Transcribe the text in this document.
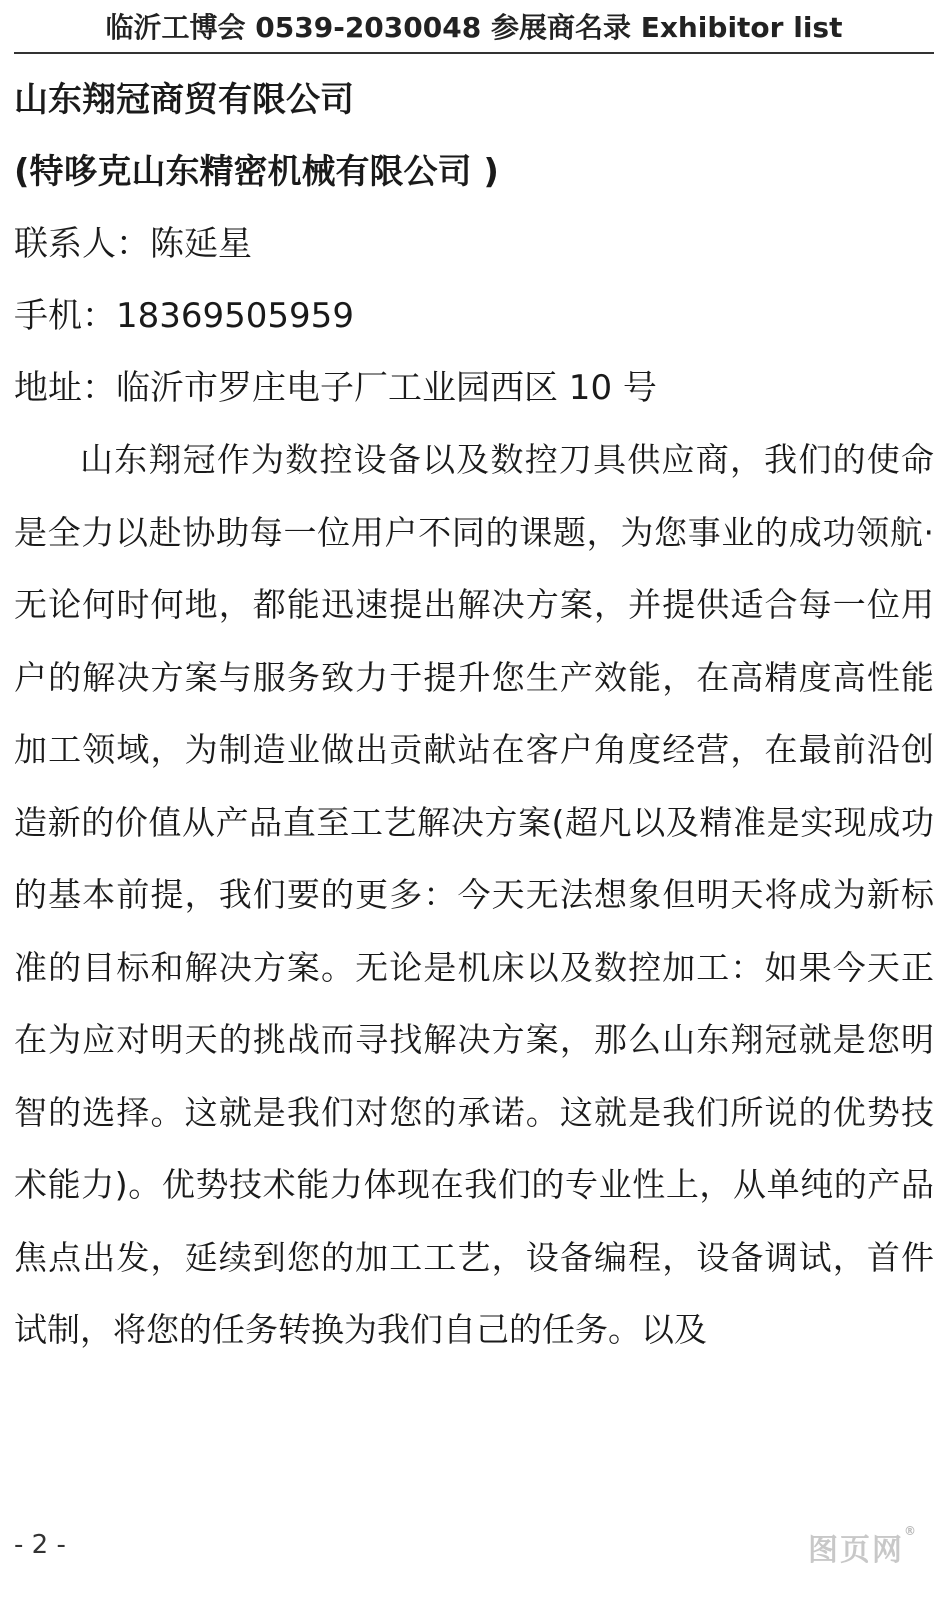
临沂工博会 0539-2030048 参展商名录 Exhibitor list
山东翔冠商贸有限公司
(特哆克山东精密机械有限公司 )
联系人：陈延星
手机：18369505959
地址：临沂市罗庄电子厂工业园西区 10 号

山东翔冠作为数控设备以及数控刀具供应商，我们的使命是全力以赴协助每一位用户不同的课题，为您事业的成功领航·无论何时何地，都能迅速提出解决方案，并提供适合每一位用户的解决方案与服务致力于提升您生产效能，在高精度高性能加工领域，为制造业做出贡献站在客户角度经营，在最前沿创造新的价值从产品直至工艺解决方案(超凡以及精准是实现成功的基本前提，我们要的更多：今天无法想象但明天将成为新标准的目标和解决方案。无论是机床以及数控加工：如果今天正在为应对明天的挑战而寻找解决方案，那么山东翔冠就是您明智的选择。这就是我们对您的承诺。这就是我们所说的优势技术能力)。优势技术能力体现在我们的专业性上，从单纯的产品焦点出发，延续到您的加工工艺，设备编程，设备调试，首件试制，将您的任务转换为我们自己的任务。以及

- 2 -	图页网®
